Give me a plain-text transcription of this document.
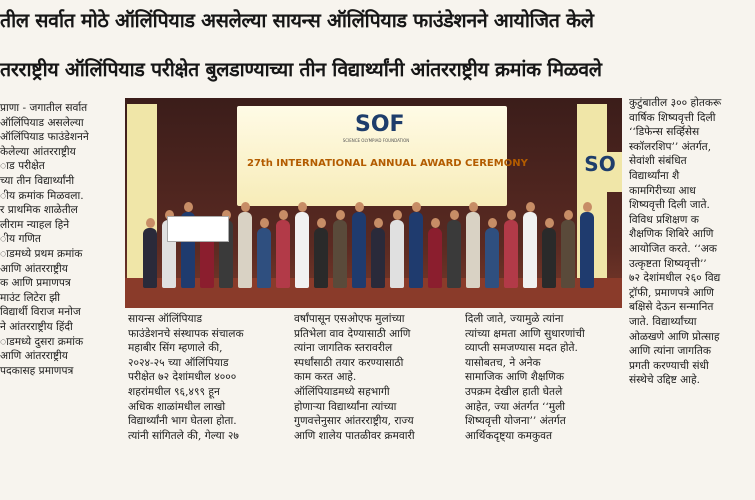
तील सर्वात मोठे ऑलिंपियाड असलेल्या सायन्स ऑलिंपियाड फाउंडेशनने आयोजित केले
तरराष्ट्रीय ऑलिंपियाड परीक्षेत बुलडाण्याच्या तीन विद्यार्थ्यांनी आंतरराष्ट्रीय क्रमांक मिळवले
प्राणा - जगातील सर्वात
ऑलिंपियाड असलेल्या
ऑलिंपियाड फाउंडेशनने
केलेल्या आंतरराष्ट्रीय
ाड परीक्षेत
च्या तीन विद्यार्थ्यांनी
ीय क्रमांक मिळवला.
र प्राथमिक शाळेतील
लीराम न्याहल हिने
ीय गणित
ाडमध्ये प्रथम क्रमांक
आणि आंतरराष्ट्रीय
क आणि प्रमाणपत्र
माउंट लिटेरा झी
विद्यार्थी विराज मनोज
ने आंतरराष्ट्रीय हिंदी
ाडमध्ये दुसरा क्रमांक
आणि आंतरराष्ट्रीय
पदकासह प्रमाणपत्र
SOF
SCIENCE OLYMPIAD FOUNDATION
27th INTERNATIONAL ANNUAL AWARD CEREMONY	SO
सायन्स ऑलिंपियाड
फाउंडेशनचे संस्थापक संचालक
महाबीर सिंग म्हणाले की,
२०२४-२५ च्या ऑलिंपियाड
परीक्षेत ७२ देशांमधील ४०००
शहरांमधील ९६,४९९ हून
अधिक शाळांमधील लाखो
विद्यार्थ्यांनी भाग घेतला होता.
त्यांनी सांगितले की, गेल्या २७
वर्षांपासून एसओएफ मुलांच्या
प्रतिभेला वाव देण्यासाठी आणि
त्यांना जागतिक स्तरावरील
स्पर्धांसाठी तयार करण्यासाठी
काम करत आहे.
ऑलिंपियाडमध्ये सहभागी
होणाऱ्या विद्यार्थ्यांना त्यांच्या
गुणवत्तेनुसार आंतरराष्ट्रीय, राज्य
आणि शालेय पातळीवर क्रमवारी
दिली जाते, ज्यामुळे त्यांना
त्यांच्या क्षमता आणि सुधारणांची
व्याप्ती समजण्यास मदत होते.
यासोबतच, ने अनेक
सामाजिक आणि शैक्षणिक
उपक्रम देखील हाती घेतले
आहेत, ज्या अंतर्गत ‘‘मुली
शिष्यवृत्ती योजना’’ अंतर्गत
आर्थिकदृष्ट्या कमकुवत
कुटुंबातील ३०० होतकरू
वार्षिक शिष्यवृत्ती दिली
‘‘डिफेन्स सर्व्हिसेस
स्कॉलरशिप’’ अंतर्गत,
सेवांशी संबंधित
विद्यार्थ्यांना शै
कामगिरीच्या आध
शिष्यवृत्ती दिली जाते.
विविध प्रशिक्षण क
शैक्षणिक शिबिरे आणि
आयोजित करते. ‘‘अक
उत्कृष्टता शिष्यवृत्ती’’
७२ देशांमधील २६० विद्य
ट्रॉफी, प्रमाणपत्रे आणि
बक्षिसे देऊन सन्मानित
जाते. विद्यार्थ्यांच्या
ओळखणे आणि प्रोत्साह
आणि त्यांना जागतिक
प्रगती करण्याची संधी
संस्थेचे उद्दिष्ट आहे.
